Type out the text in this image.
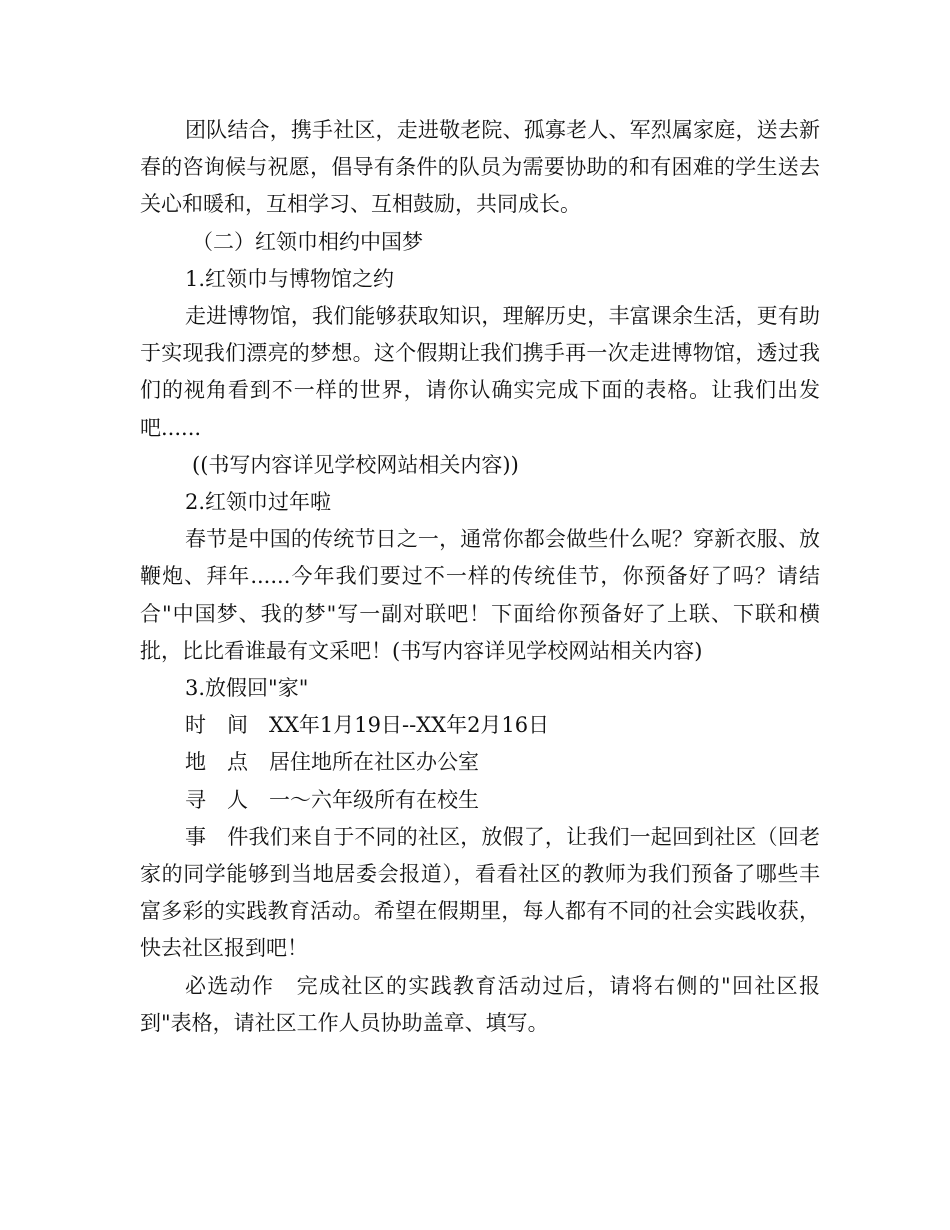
团队结合，携手社区，走进敬老院、孤寡老人、军烈属家庭，送去新春的咨询候与祝愿，倡导有条件的队员为需要协助的和有困难的学生送去关心和暖和，互相学习、互相鼓励，共同成长。

（二）红领巾相约中国梦

1.红领巾与博物馆之约

走进博物馆，我们能够获取知识，理解历史，丰富课余生活，更有助于实现我们漂亮的梦想。这个假期让我们携手再一次走进博物馆，透过我们的视角看到不一样的世界，请你认确实完成下面的表格。让我们出发吧......

((书写内容详见学校网站相关内容))

2.红领巾过年啦

春节是中国的传统节日之一，通常你都会做些什么呢？穿新衣服、放鞭炮、拜年......今年我们要过不一样的传统佳节，你预备好了吗？请结合"中国梦、我的梦"写一副对联吧！下面给你预备好了上联、下联和横批，比比看谁最有文采吧！(书写内容详见学校网站相关内容)

3.放假回"家"

时　间　XX年1月19日--XX年2月16日

地　点　居住地所在社区办公室

寻　人　一～六年级所有在校生

事　件我们来自于不同的社区，放假了，让我们一起回到社区（回老家的同学能够到当地居委会报道），看看社区的教师为我们预备了哪些丰富多彩的实践教育活动。希望在假期里，每人都有不同的社会实践收获，快去社区报到吧！

必选动作　完成社区的实践教育活动过后，请将右侧的"回社区报到"表格，请社区工作人员协助盖章、填写。
